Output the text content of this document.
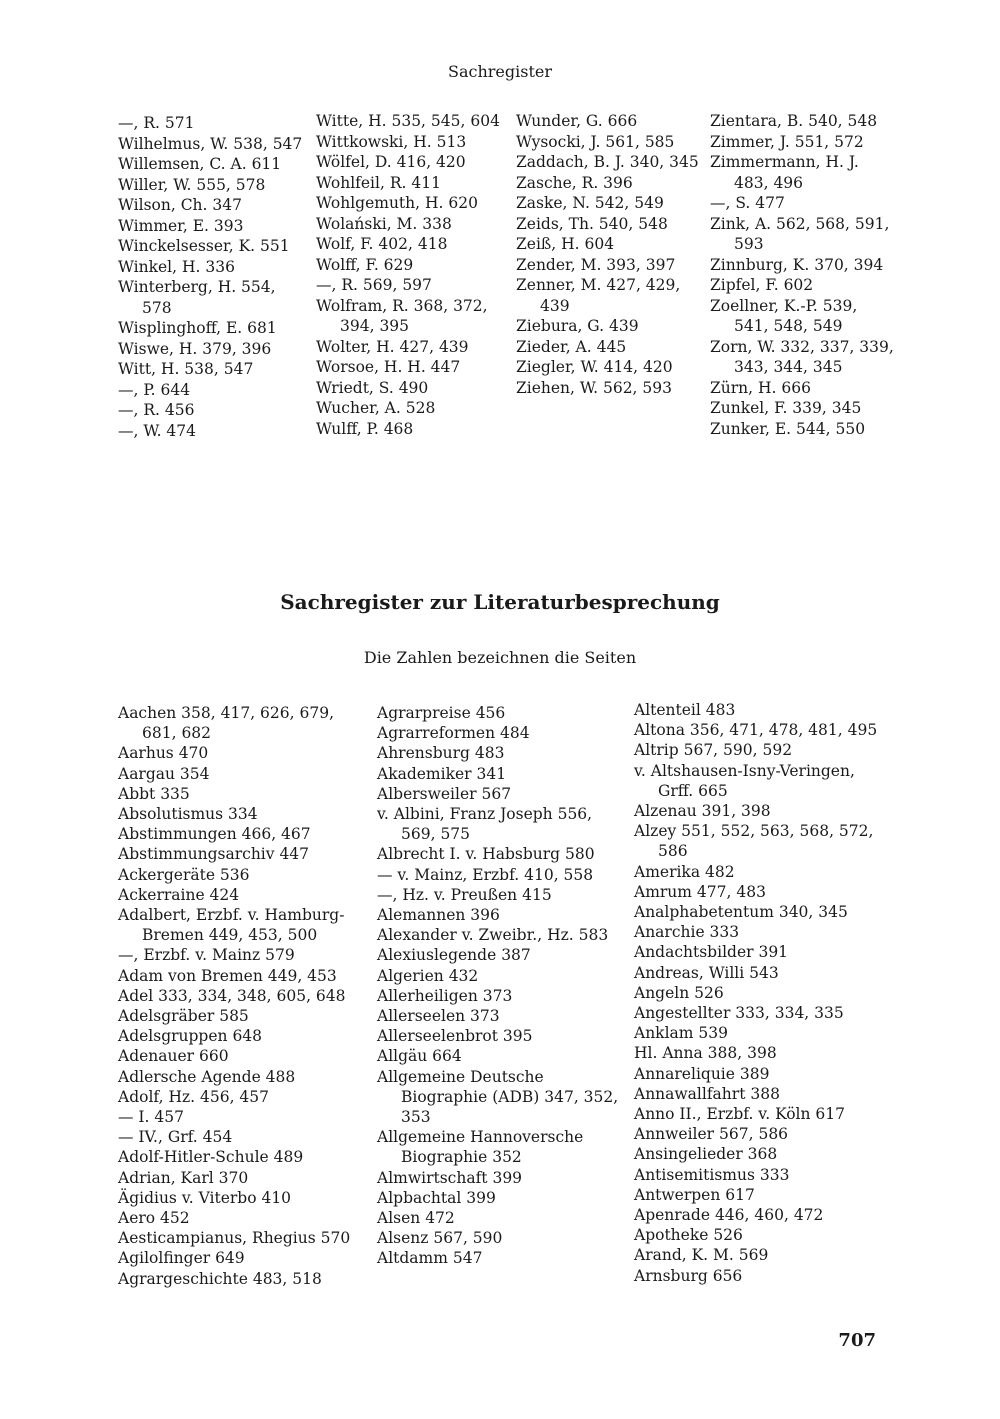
Sachregister

—, R. 571

Wilhelmus, W. 538, 547

Willemsen, C. A. 611

Willer, W. 555, 578

Wilson, Ch. 347

Wimmer, E. 393

Winckelsesser, K. 551

Winkel, H. 336

Winterberg, H. 554, 578

Wisplinghoff, E. 681

Wiswe, H. 379, 396

Witt, H. 538, 547

—, P. 644

—, R. 456

—, W. 474

Witte, H. 535, 545, 604

Wittkowski, H. 513

Wölfel, D. 416, 420

Wohlfeil, R. 411

Wohlgemuth, H. 620

Wolański, M. 338

Wolf, F. 402, 418

Wolff, F. 629

—, R. 569, 597

Wolfram, R. 368, 372, 394, 395

Wolter, H. 427, 439

Worsoe, H. H. 447

Wriedt, S. 490

Wucher, A. 528

Wulff, P. 468

Wunder, G. 666

Wysocki, J. 561, 585

Zaddach, B. J. 340, 345

Zasche, R. 396

Zaske, N. 542, 549

Zeids, Th. 540, 548

Zeiß, H. 604

Zender, M. 393, 397

Zenner, M. 427, 429, 439

Ziebura, G. 439

Zieder, A. 445

Ziegler, W. 414, 420

Ziehen, W. 562, 593

Zientara, B. 540, 548

Zimmer, J. 551, 572

Zimmermann, H. J. 483, 496

—, S. 477

Zink, A. 562, 568, 591, 593

Zinnburg, K. 370, 394

Zipfel, F. 602

Zoellner, K.-P. 539, 541, 548, 549

Zorn, W. 332, 337, 339, 343, 344, 345

Zürn, H. 666

Zunkel, F. 339, 345

Zunker, E. 544, 550

Sachregister zur Literaturbesprechung
Die Zahlen bezeichnen die Seiten

Aachen 358, 417, 626, 679, 681, 682

Aarhus 470

Aargau 354

Abbt 335

Absolutismus 334

Abstimmungen 466, 467

Abstimmungsarchiv 447

Ackergeräte 536

Ackerraine 424

Adalbert, Erzbf. v. Hamburg-Bremen 449, 453, 500

—, Erzbf. v. Mainz 579

Adam von Bremen 449, 453

Adel 333, 334, 348, 605, 648

Adelsgräber 585

Adelsgruppen 648

Adenauer 660

Adlersche Agende 488

Adolf, Hz. 456, 457

— I. 457

— IV., Grf. 454

Adolf-Hitler-Schule 489

Adrian, Karl 370

Ägidius v. Viterbo 410

Aero 452

Aesticampianus, Rhegius 570

Agilolfinger 649

Agrargeschichte 483, 518

Agrarpreise 456

Agrarreformen 484

Ahrensburg 483

Akademiker 341

Albersweiler 567

v. Albini, Franz Joseph 556, 569, 575

Albrecht I. v. Habsburg 580

— v. Mainz, Erzbf. 410, 558

—, Hz. v. Preußen 415

Alemannen 396

Alexander v. Zweibr., Hz. 583

Alexiuslegende 387

Algerien 432

Allerheiligen 373

Allerseelen 373

Allerseelenbrot 395

Allgäu 664

Allgemeine Deutsche Biographie (ADB) 347, 352, 353

Allgemeine Hannoversche Biographie 352

Almwirtschaft 399

Alpbachtal 399

Alsen 472

Alsenz 567, 590

Altdamm 547

Altenteil 483

Altona 356, 471, 478, 481, 495

Altrip 567, 590, 592

v. Altshausen-Isny-Veringen, Grff. 665

Alzenau 391, 398

Alzey 551, 552, 563, 568, 572, 586

Amerika 482

Amrum 477, 483

Analphabetentum 340, 345

Anarchie 333

Andachtsbilder 391

Andreas, Willi 543

Angeln 526

Angestellter 333, 334, 335

Anklam 539

Hl. Anna 388, 398

Annareliquie 389

Annawallfahrt 388

Anno II., Erzbf. v. Köln 617

Annweiler 567, 586

Ansingelieder 368

Antisemitismus 333

Antwerpen 617

Apenrade 446, 460, 472

Apotheke 526

Arand, K. M. 569

Arnsburg 656

707
